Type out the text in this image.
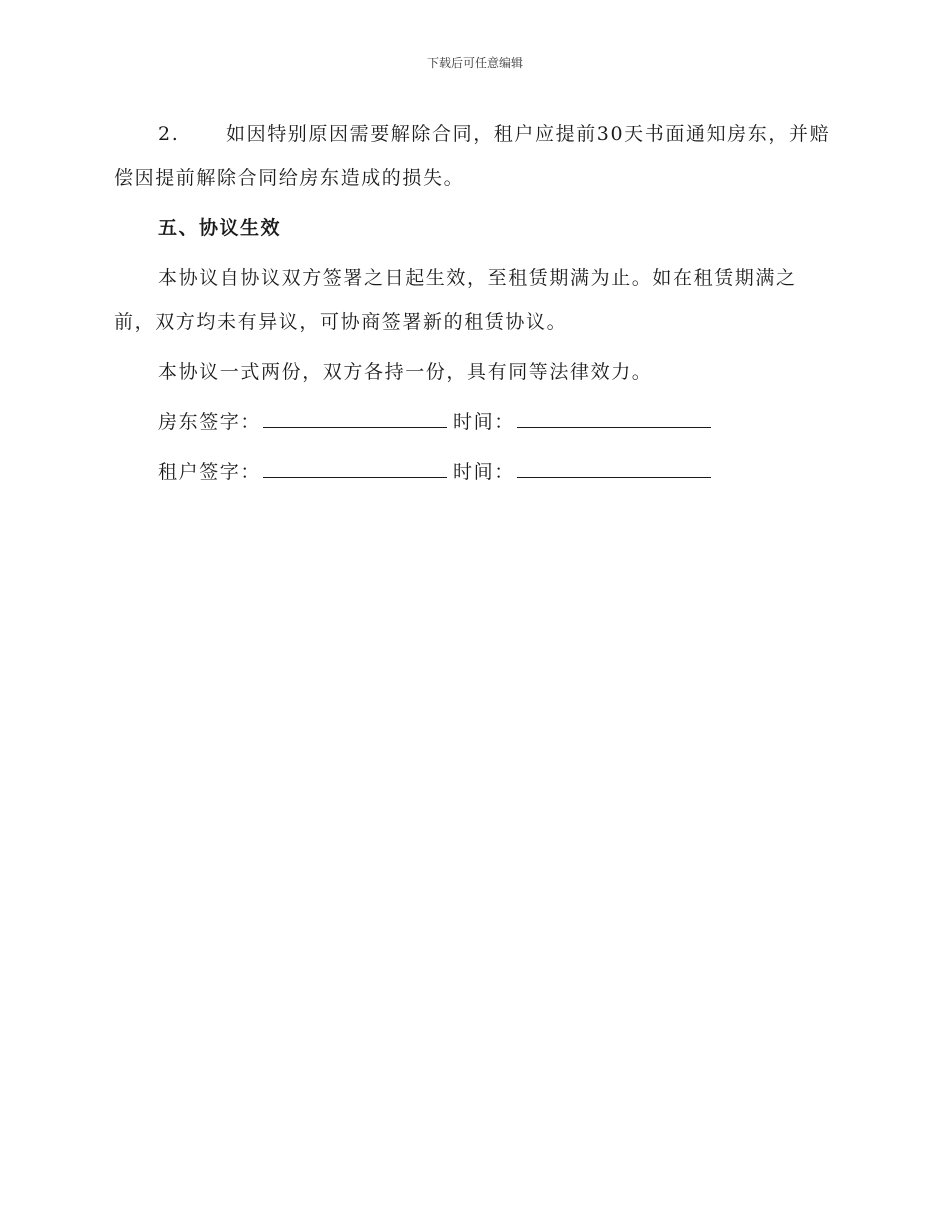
下载后可任意编辑

2. 如因特别原因需要解除合同，租户应提前30天书面通知房东，并赔偿因提前解除合同给房东造成的损失。

五、协议生效

本协议自协议双方签署之日起生效，至租赁期满为止。如在租赁期满之前，双方均未有异议，可协商签署新的租赁协议。

本协议一式两份，双方各持一份，具有同等法律效力。

房东签字：	时间：
租户签字：	时间：
